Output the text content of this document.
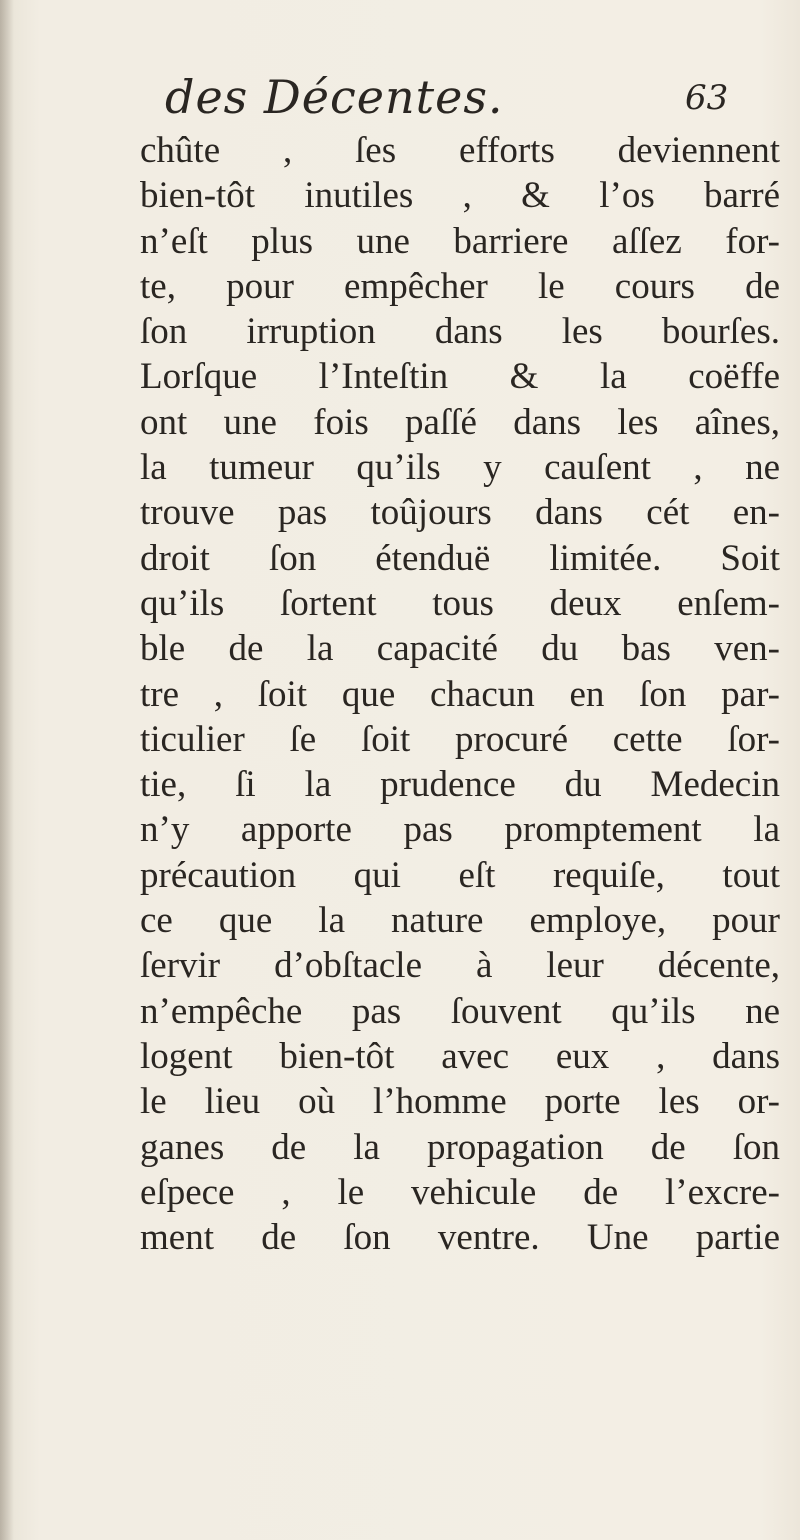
des Décentes.	63
chûte , ſes efforts deviennent
bien-tôt inutiles , & l’os barré
n’eſt plus une barriere aſſez for-
te, pour empêcher le cours de
ſon irruption dans les bourſes.
Lorſque l’Inteſtin & la coëffe
ont une fois paſſé dans les aînes,
la tumeur qu’ils y cauſent , ne
trouve pas toûjours dans cét en-
droit ſon étenduë limitée. Soit
qu’ils ſortent tous deux enſem-
ble de la capacité du bas ven-
tre , ſoit que chacun en ſon par-
ticulier ſe ſoit procuré cette ſor-
tie, ſi la prudence du Medecin
n’y apporte pas promptement la
précaution qui eſt requiſe, tout
ce que la nature employe, pour
ſervir d’obſtacle à leur décente,
n’empêche pas ſouvent qu’ils ne
logent bien-tôt avec eux , dans
le lieu où l’homme porte les or-
ganes de la propagation de ſon
eſpece , le vehicule de l’excre-
ment de ſon ventre. Une partie
